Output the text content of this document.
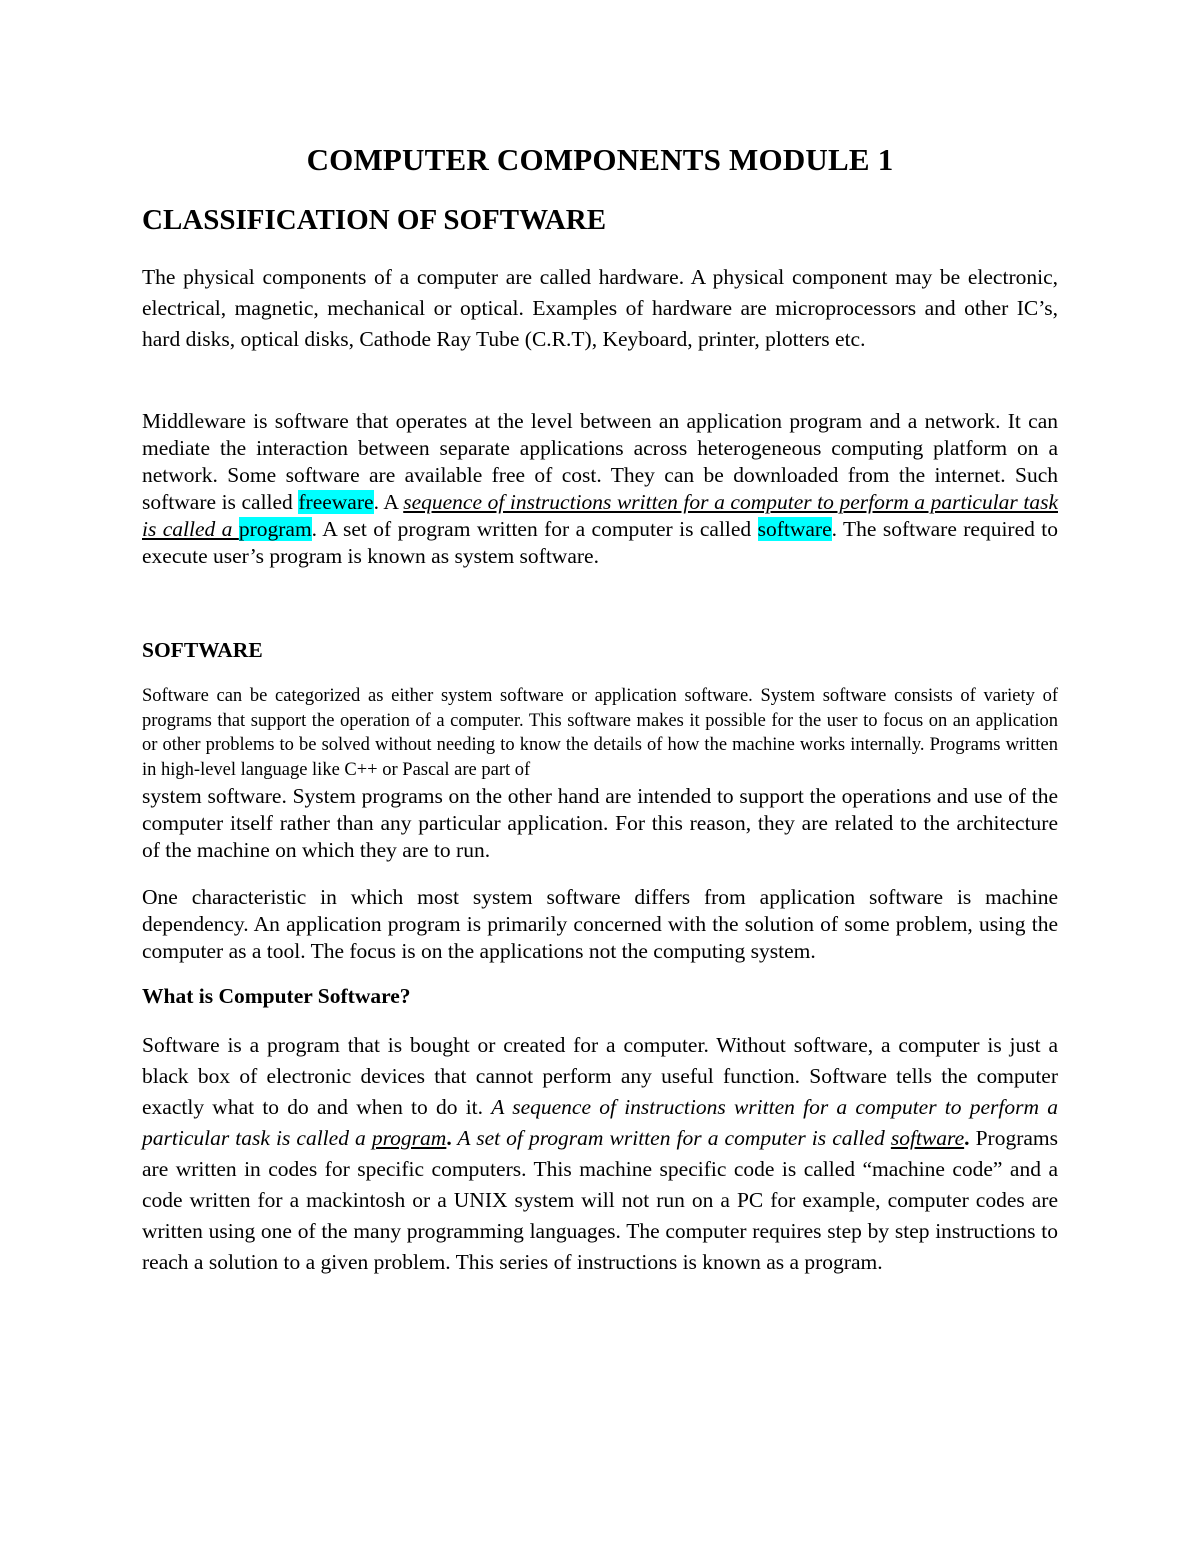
COMPUTER COMPONENTS MODULE 1
CLASSIFICATION OF SOFTWARE

The physical components of a computer are called hardware. A physical component may be electronic, electrical, magnetic, mechanical or optical. Examples of hardware are microprocessors and other IC’s, hard disks, optical disks, Cathode Ray Tube (C.R.T), Keyboard, printer, plotters etc.

Middleware is software that operates at the level between an application program and a network. It can mediate the interaction between separate applications across heterogeneous computing platform on a network. Some software are available free of cost. They can be downloaded from the internet. Such software is called freeware. A sequence of instructions written for a computer to perform a particular task is called a program. A set of program written for a computer is called software. The software required to execute user’s program is known as system software.

SOFTWARE

Software can be categorized as either system software or application software. System software consists of variety of programs that support the operation of a computer. This software makes it possible for the user to focus on an application or other problems to be solved without needing to know the details of how the machine works internally. Programs written in high-level language like C++ or Pascal are part of

system software. System programs on the other hand are intended to support the operations and use of the computer itself rather than any particular application. For this reason, they are related to the architecture of the machine on which they are to run.

One characteristic in which most system software differs from application software is machine dependency. An application program is primarily concerned with the solution of some problem, using the computer as a tool. The focus is on the applications not the computing system.

What is Computer Software?

Software is a program that is bought or created for a computer. Without software, a computer is just a black box of electronic devices that cannot perform any useful function. Software tells the computer exactly what to do and when to do it. A sequence of instructions written for a computer to perform a particular task is called a program. A set of program written for a computer is called software. Programs are written in codes for specific computers. This machine specific code is called “machine code” and a code written for a mackintosh or a UNIX system will not run on a PC for example, computer codes are written using one of the many programming languages. The computer requires step by step instructions to reach a solution to a given problem. This series of instructions is known as a program.
